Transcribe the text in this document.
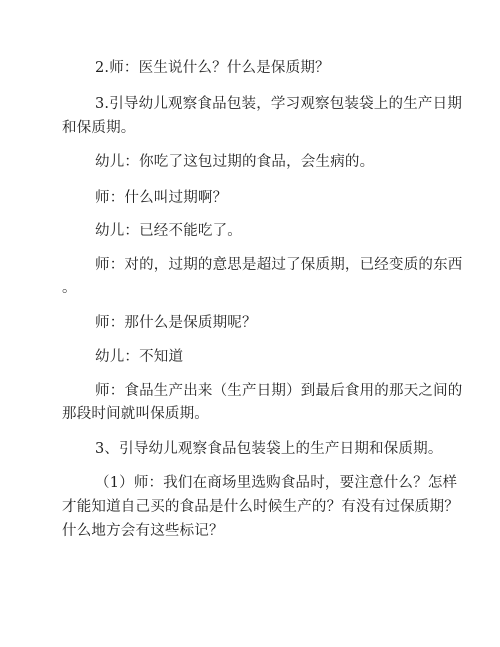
2.师：医生说什么？什么是保质期？
3.引导幼儿观察食品包装，学习观察包装袋上的生产日期
和保质期。
幼儿：你吃了这包过期的食品，会生病的。
师：什么叫过期啊？
幼儿：已经不能吃了。
师：对的，过期的意思是超过了保质期，已经变质的东西
。
师：那什么是保质期呢？
幼儿：不知道
师：食品生产出来（生产日期）到最后食用的那天之间的
那段时间就叫保质期。
3、引导幼儿观察食品包装袋上的生产日期和保质期。
（1）师：我们在商场里选购食品时，要注意什么？怎样
才能知道自己买的食品是什么时候生产的？有没有过保质期？
什么地方会有这些标记？
